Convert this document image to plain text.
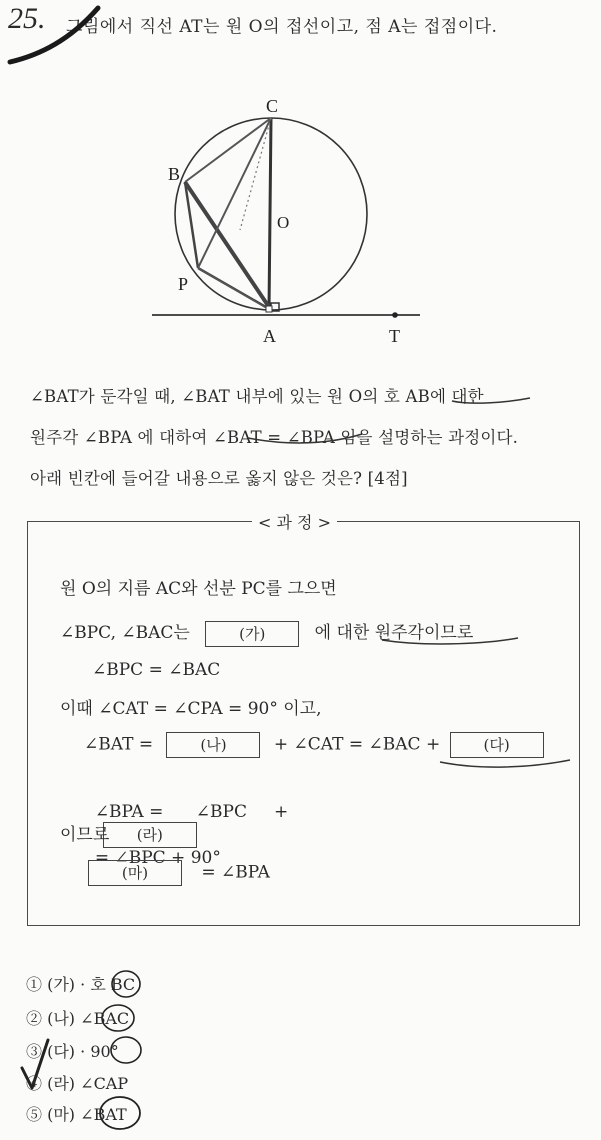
25. 그림에서 직선 AT는 원 O의 접선이고, 점 A는 접점이다.
C
B
O
P
A	T
∠BAT가 둔각일 때, ∠BAT 내부에 있는 원 O의 호 AB에 대한
원주각 ∠BPA 에 대하여 ∠BAT = ∠BPA 임을 설명하는 과정이다.
아래 빈칸에 들어갈 내용으로 옳지 않은 것은? [4점]
< 과 정 >
원 O의 지름 AC와 선분 PC를 그으면
∠BPC, ∠BAC는	(가)	에 대한 원주각이므로
∠BPC = ∠BAC
이때 ∠CAT = ∠CPA = 90° 이고,
∠BAT =	(나)	+ ∠CAT = ∠BAC +	(다)

∠BPA =      ∠BPC     +
(라)
= ∠BPC + 90°

이므로
(마)	= ∠BPA
① (가) · 호 BC
② (나) ∠BAC
③ (다) · 90°
④ (라) ∠CAP
⑤ (마) ∠BAT
